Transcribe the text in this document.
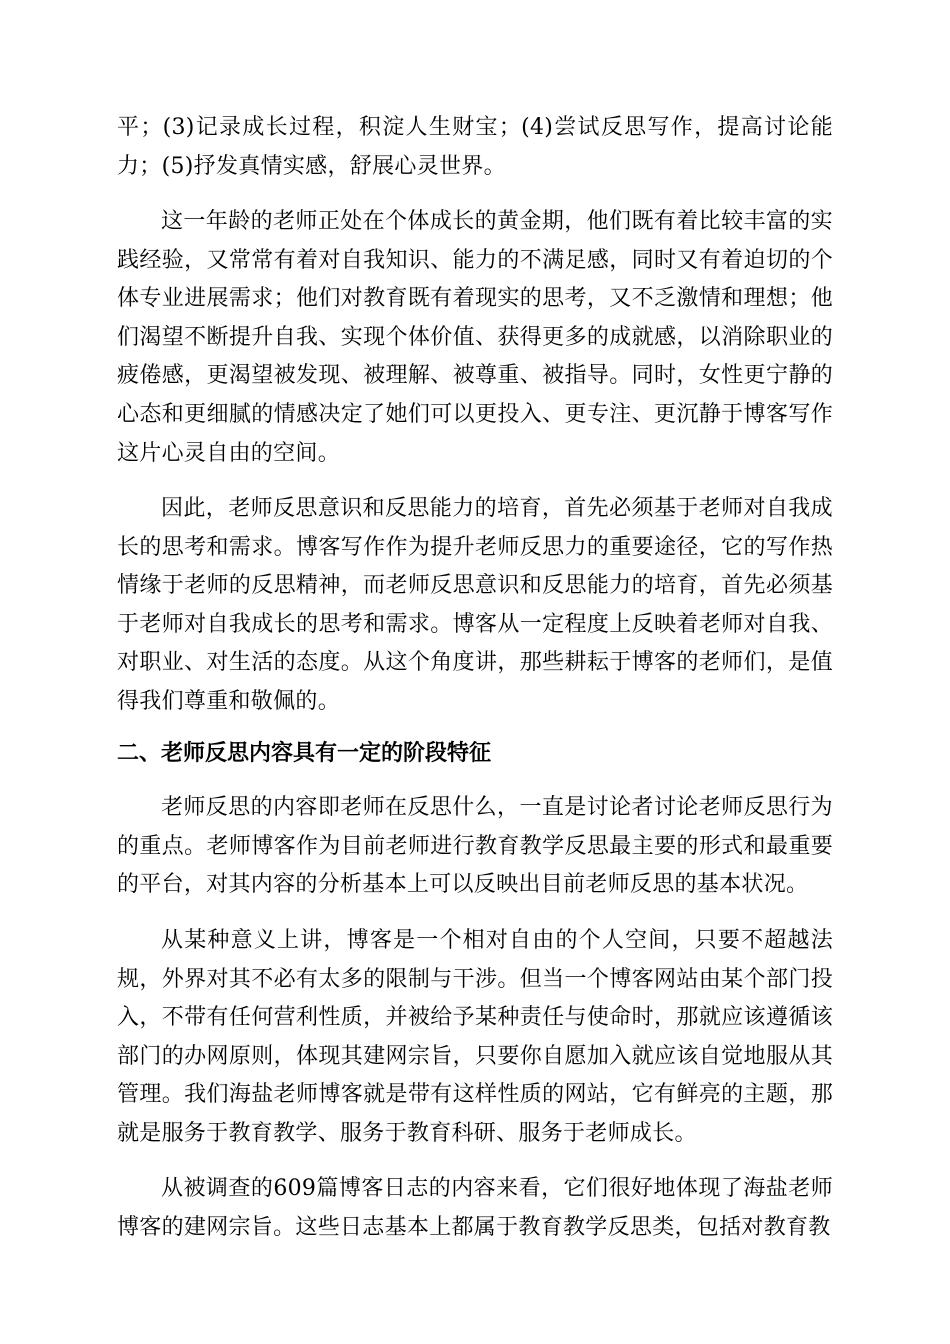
平；(3)记录成长过程，积淀人生财宝；(4)尝试反思写作，提高讨论能力；(5)抒发真情实感，舒展心灵世界。

这一年龄的老师正处在个体成长的黄金期，他们既有着比较丰富的实践经验，又常常有着对自我知识、能力的不满足感，同时又有着迫切的个体专业进展需求；他们对教育既有着现实的思考，又不乏激情和理想；他们渴望不断提升自我、实现个体价值、获得更多的成就感，以消除职业的疲倦感，更渴望被发现、被理解、被尊重、被指导。同时，女性更宁静的心态和更细腻的情感决定了她们可以更投入、更专注、更沉静于博客写作这片心灵自由的空间。

因此，老师反思意识和反思能力的培育，首先必须基于老师对自我成长的思考和需求。博客写作作为提升老师反思力的重要途径，它的写作热情缘于老师的反思精神，而老师反思意识和反思能力的培育，首先必须基于老师对自我成长的思考和需求。博客从一定程度上反映着老师对自我、对职业、对生活的态度。从这个角度讲，那些耕耘于博客的老师们，是值得我们尊重和敬佩的。

二、老师反思内容具有一定的阶段特征

老师反思的内容即老师在反思什么，一直是讨论者讨论老师反思行为的重点。老师博客作为目前老师进行教育教学反思最主要的形式和最重要的平台，对其内容的分析基本上可以反映出目前老师反思的基本状况。

从某种意义上讲，博客是一个相对自由的个人空间，只要不超越法规，外界对其不必有太多的限制与干涉。但当一个博客网站由某个部门投入，不带有任何营利性质，并被给予某种责任与使命时，那就应该遵循该部门的办网原则，体现其建网宗旨，只要你自愿加入就应该自觉地服从其管理。我们海盐老师博客就是带有这样性质的网站，它有鲜亮的主题，那就是服务于教育教学、服务于教育科研、服务于老师成长。

从被调查的609篇博客日志的内容来看，它们很好地体现了海盐老师博客的建网宗旨。这些日志基本上都属于教育教学反思类，包括对教育教
